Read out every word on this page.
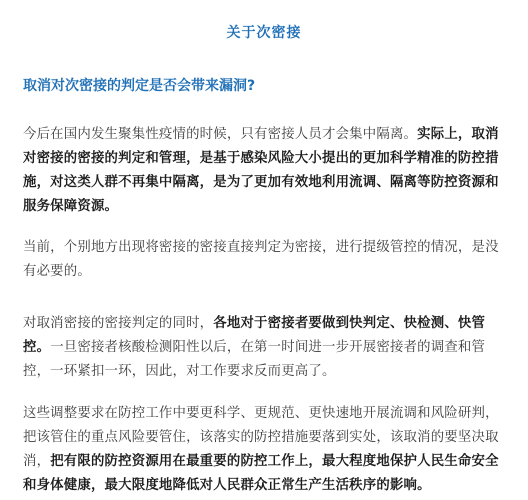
关于次密接
取消对次密接的判定是否会带来漏洞?

今后在国内发生聚集性疫情的时候，只有密接人员才会集中隔离。实际上，取消对密接的密接的判定和管理，是基于感染风险大小提出的更加科学精准的防控措施，对这类人群不再集中隔离，是为了更加有效地利用流调、隔离等防控资源和服务保障资源。

当前，个别地方出现将密接的密接直接判定为密接，进行提级管控的情况，是没有必要的。

对取消密接的密接判定的同时，各地对于密接者要做到快判定、快检测、快管控。一旦密接者核酸检测阳性以后，在第一时间进一步开展密接者的调查和管控，一环紧扣一环，因此，对工作要求反而更高了。

这些调整要求在防控工作中要更科学、更规范、更快速地开展流调和风险研判，把该管住的重点风险要管住，该落实的防控措施要落到实处，该取消的要坚决取消，把有限的防控资源用在最重要的防控工作上，最大程度地保护人民生命安全和身体健康，最大限度地降低对人民群众正常生产生活秩序的影响。
